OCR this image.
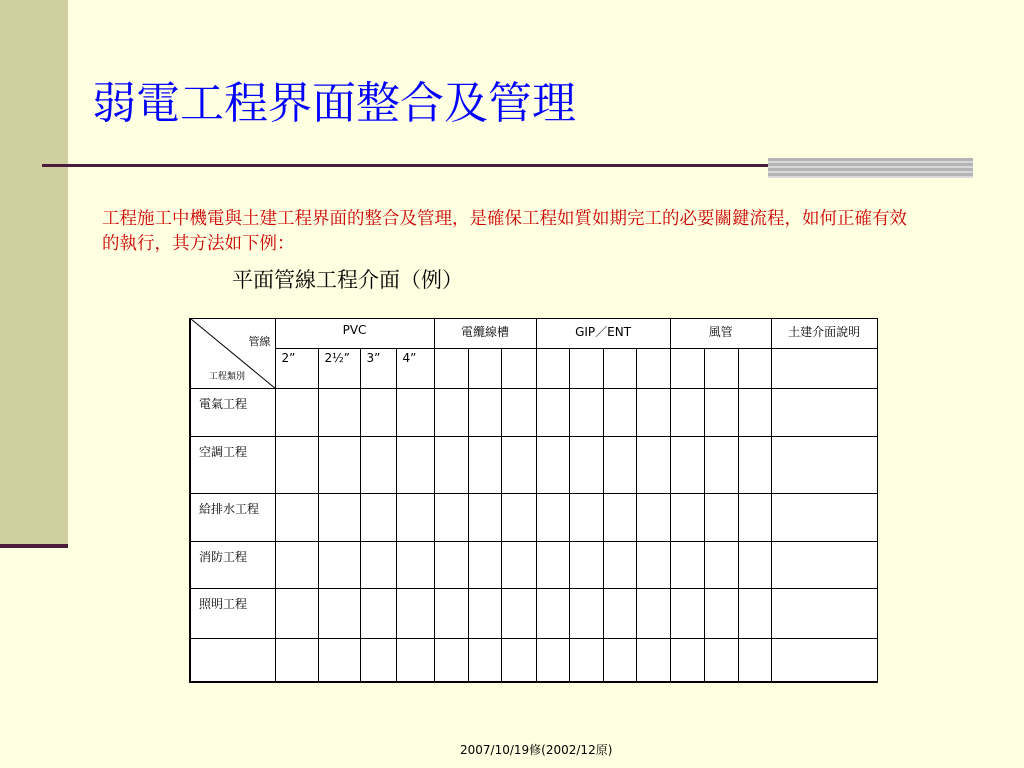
弱電工程界面整合及管理
工程施工中機電與土建工程界面的整合及管理，是確保工程如質如期完工的必要關鍵流程，如何正確有效的執行，其方法如下例：
平面管線工程介面（例）
管線
工程類別	PVC				電纜線槽			GIP／ENT				風管			土建介面說明
	2”	2½”	3”	4”											
電氣工程															
空調工程															
給排水工程															
消防工程															
照明工程															

2007/10/19修(2002/12原)
